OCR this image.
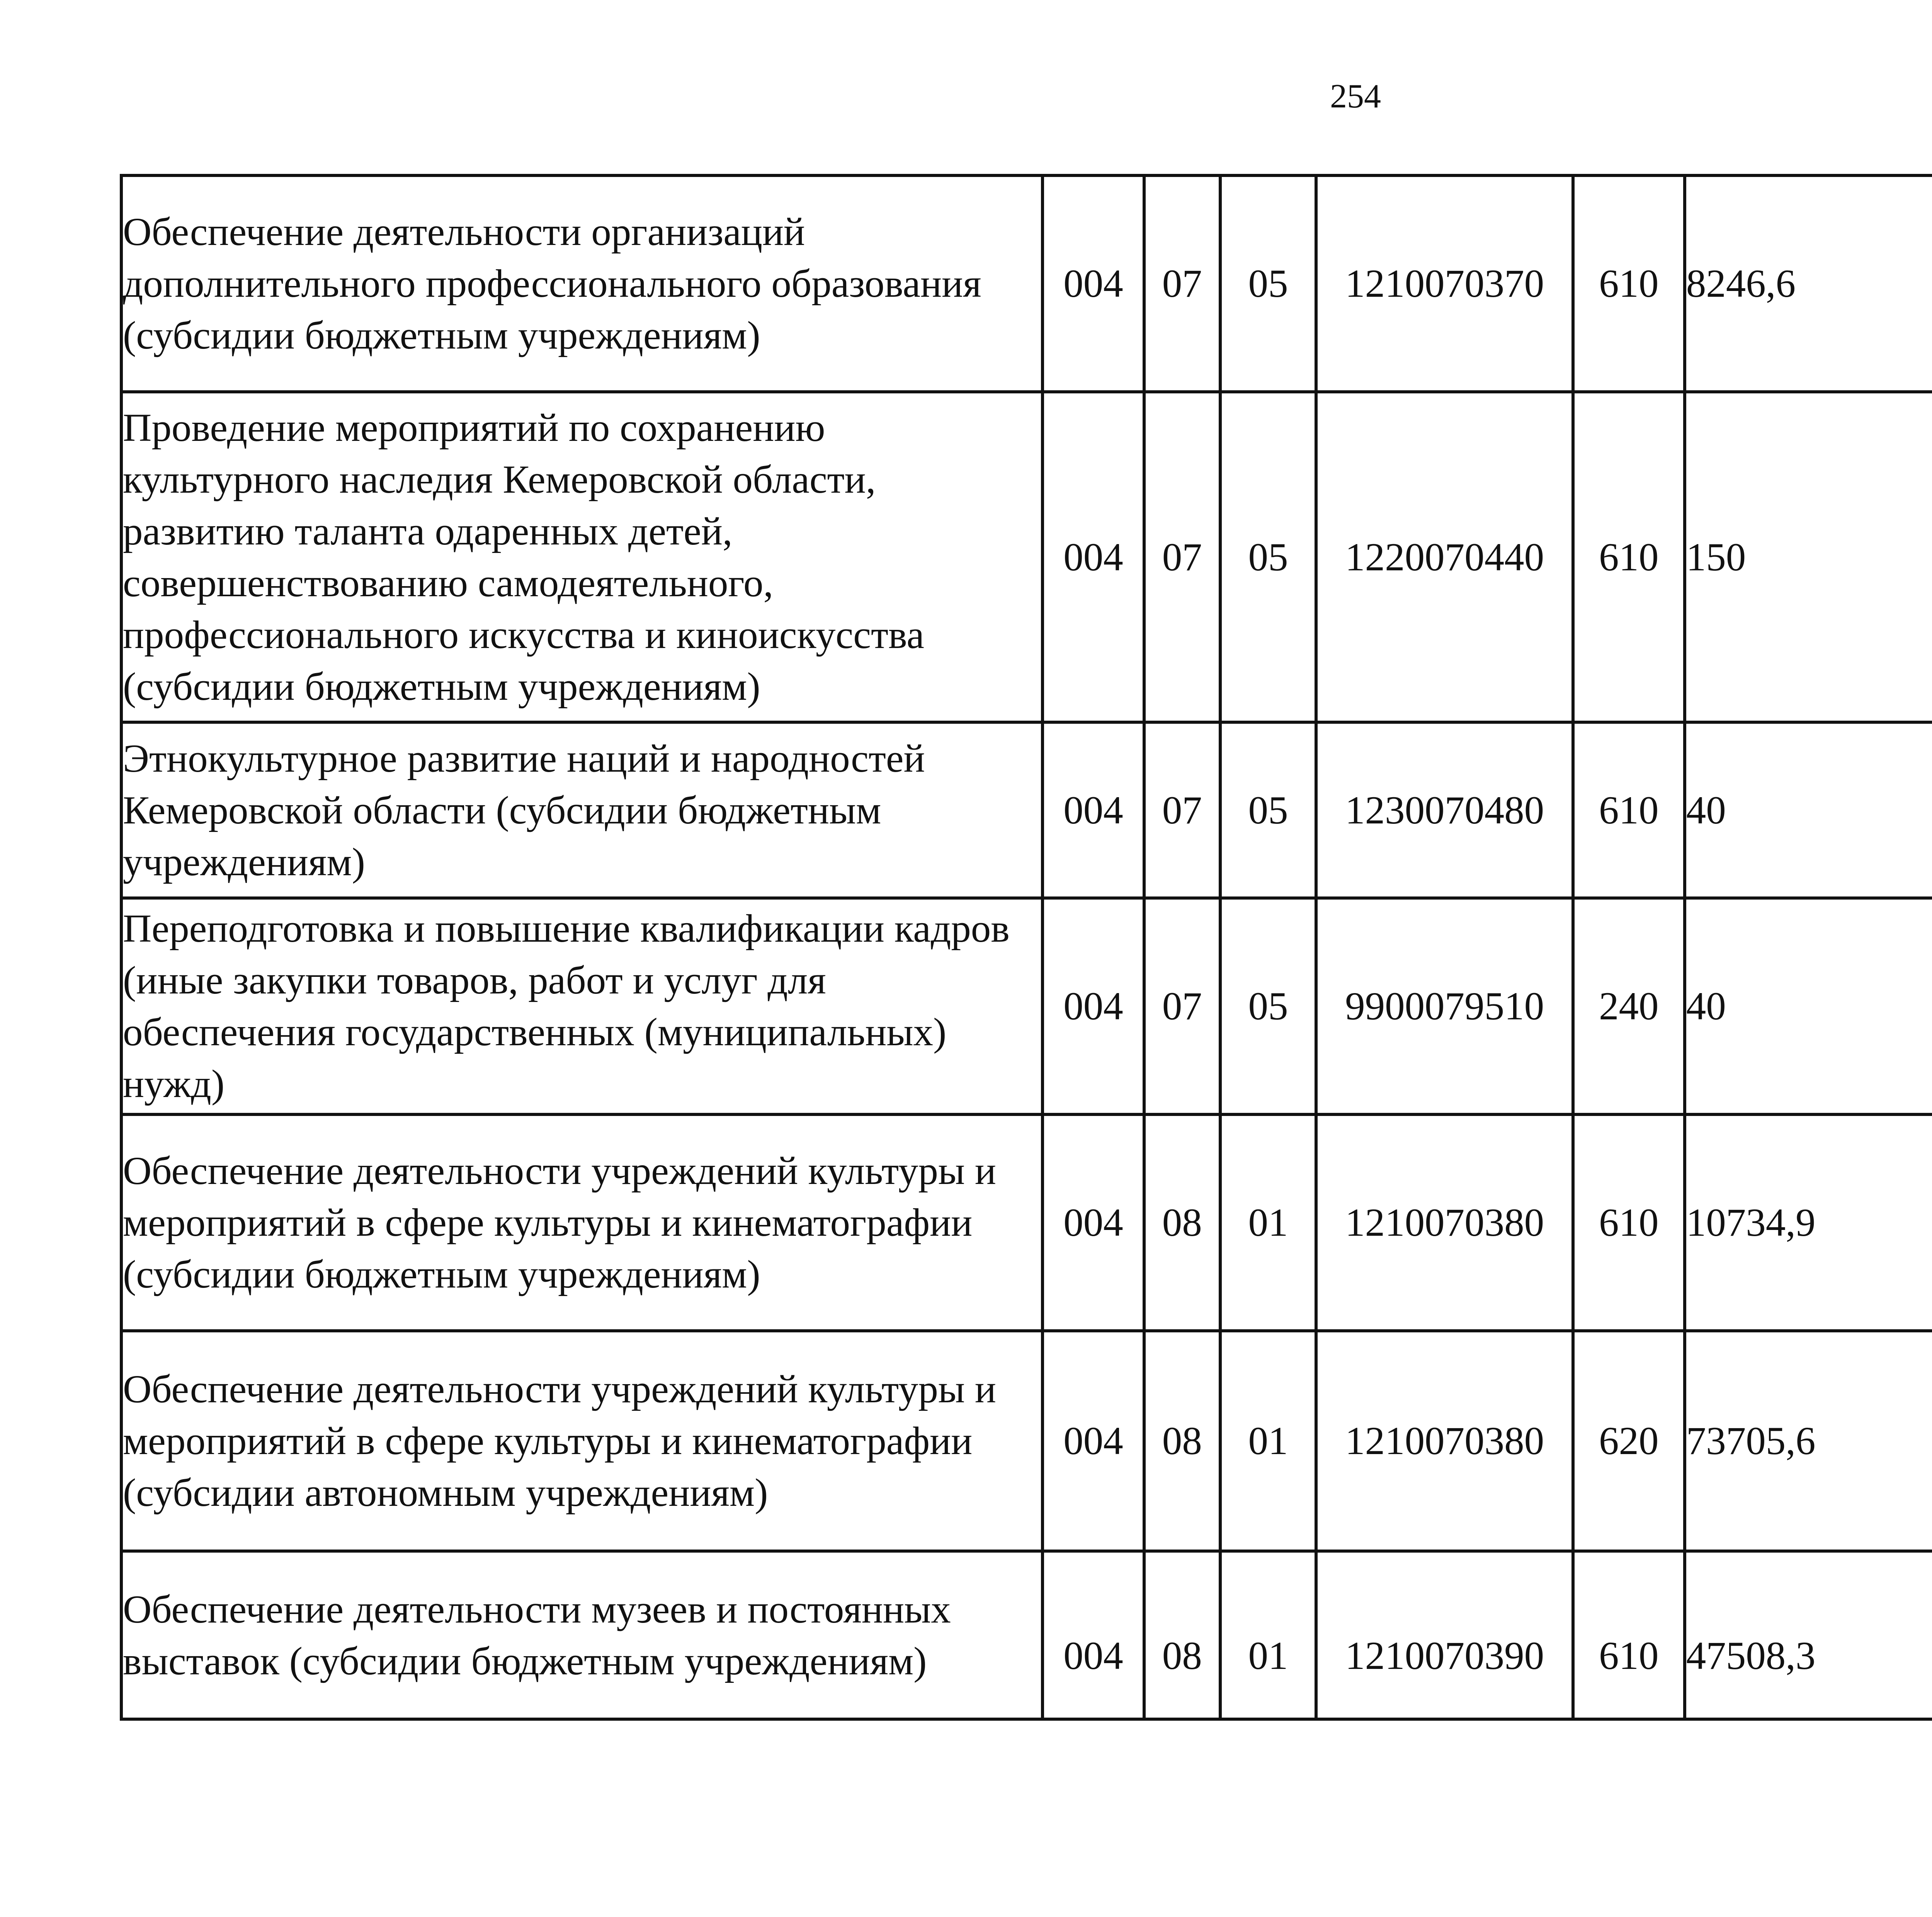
254
Обеспечение деятельности организаций дополнительного профессионального образования (субсидии бюджетным учреждениям)	004	07	05	1210070370	610	8246,6		
Проведение мероприятий по сохранению культурного наследия Кемеровской области, развитию таланта одаренных детей, совершенствованию самодеятельного, профессионального искусства и киноискусства (субсидии бюджетным учреждениям)	004	07	05	1220070440	610	150		
Этнокультурное развитие наций и народностей Кемеровской области (субсидии бюджетным учреждениям)	004	07	05	1230070480	610	40		
Переподготовка и повышение квалификации кадров (иные закупки товаров, работ и услуг для обеспечения государственных (муниципальных) нужд)	004	07	05	9900079510	240	40		
Обеспечение деятельности учреждений культуры и мероприятий в сфере культуры и кинематографии (субсидии бюджетным учреждениям)	004	08	01	1210070380	610	10734,9		
Обеспечение деятельности учреждений культуры и мероприятий в сфере культуры и кинематографии (субсидии автономным учреждениям)	004	08	01	1210070380	620	73705,6		
Обеспечение деятельности музеев и постоянных выставок (субсидии бюджетным учреждениям)	004	08	01	1210070390	610	47508,3		
